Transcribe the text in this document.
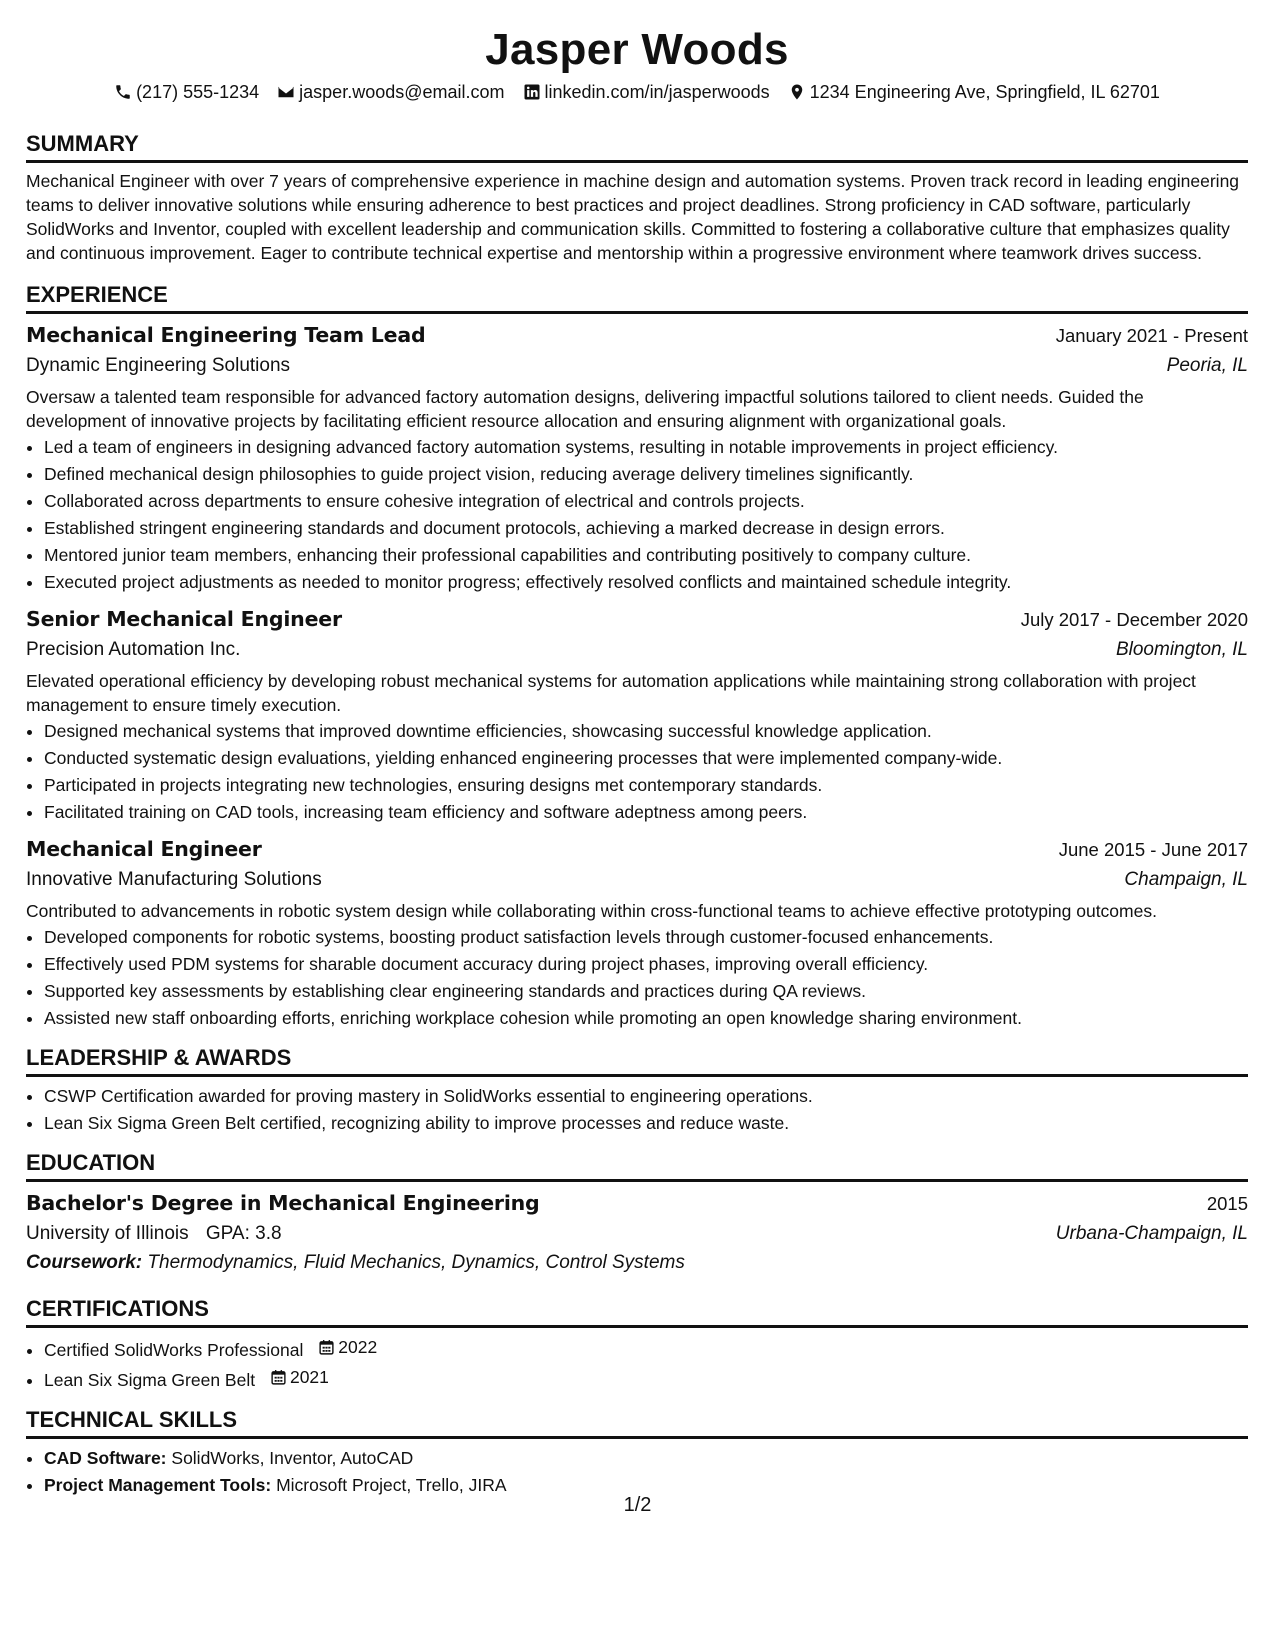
Jasper Woods
(217) 555-1234 jasper.woods@email.com linkedin.com/in/jasperwoods 1234 Engineering Ave, Springfield, IL 62701
SUMMARY

Mechanical Engineer with over 7 years of comprehensive experience in machine design and automation systems. Proven track record in leading engineering teams to deliver innovative solutions while ensuring adherence to best practices and project deadlines. Strong proficiency in CAD software, particularly SolidWorks and Inventor, coupled with excellent leadership and communication skills. Committed to fostering a collaborative culture that emphasizes quality and continuous improvement. Eager to contribute technical expertise and mentorship within a progressive environment where teamwork drives success.

EXPERIENCE
Mechanical Engineering Team Lead	January 2021 - Present
Dynamic Engineering Solutions	Peoria, IL

Oversaw a talented team responsible for advanced factory automation designs, delivering impactful solutions tailored to client needs. Guided the development of innovative projects by facilitating efficient resource allocation and ensuring alignment with organizational goals.

• Led a team of engineers in designing advanced factory automation systems, resulting in notable improvements in project efficiency.
• Defined mechanical design philosophies to guide project vision, reducing average delivery timelines significantly.
• Collaborated across departments to ensure cohesive integration of electrical and controls projects.
• Established stringent engineering standards and document protocols, achieving a marked decrease in design errors.
• Mentored junior team members, enhancing their professional capabilities and contributing positively to company culture.
• Executed project adjustments as needed to monitor progress; effectively resolved conflicts and maintained schedule integrity.
Senior Mechanical Engineer	July 2017 - December 2020
Precision Automation Inc.	Bloomington, IL

Elevated operational efficiency by developing robust mechanical systems for automation applications while maintaining strong collaboration with project management to ensure timely execution.

• Designed mechanical systems that improved downtime efficiencies, showcasing successful knowledge application.
• Conducted systematic design evaluations, yielding enhanced engineering processes that were implemented company-wide.
• Participated in projects integrating new technologies, ensuring designs met contemporary standards.
• Facilitated training on CAD tools, increasing team efficiency and software adeptness among peers.
Mechanical Engineer	June 2015 - June 2017
Innovative Manufacturing Solutions	Champaign, IL

Contributed to advancements in robotic system design while collaborating within cross-functional teams to achieve effective prototyping outcomes.

• Developed components for robotic systems, boosting product satisfaction levels through customer-focused enhancements.
• Effectively used PDM systems for sharable document accuracy during project phases, improving overall efficiency.
• Supported key assessments by establishing clear engineering standards and practices during QA reviews.
• Assisted new staff onboarding efforts, enriching workplace cohesion while promoting an open knowledge sharing environment.
LEADERSHIP & AWARDS
• CSWP Certification awarded for proving mastery in SolidWorks essential to engineering operations.
• Lean Six Sigma Green Belt certified, recognizing ability to improve processes and reduce waste.
EDUCATION
Bachelor's Degree in Mechanical Engineering	2015
University of Illinois GPA: 3.8	Urbana-Champaign, IL
Coursework: Thermodynamics, Fluid Mechanics, Dynamics, Control Systems
CERTIFICATIONS
• Certified SolidWorks Professional 2022
• Lean Six Sigma Green Belt 2021
TECHNICAL SKILLS
• CAD Software: SolidWorks, Inventor, AutoCAD
• Project Management Tools: Microsoft Project, Trello, JIRA
1/2
